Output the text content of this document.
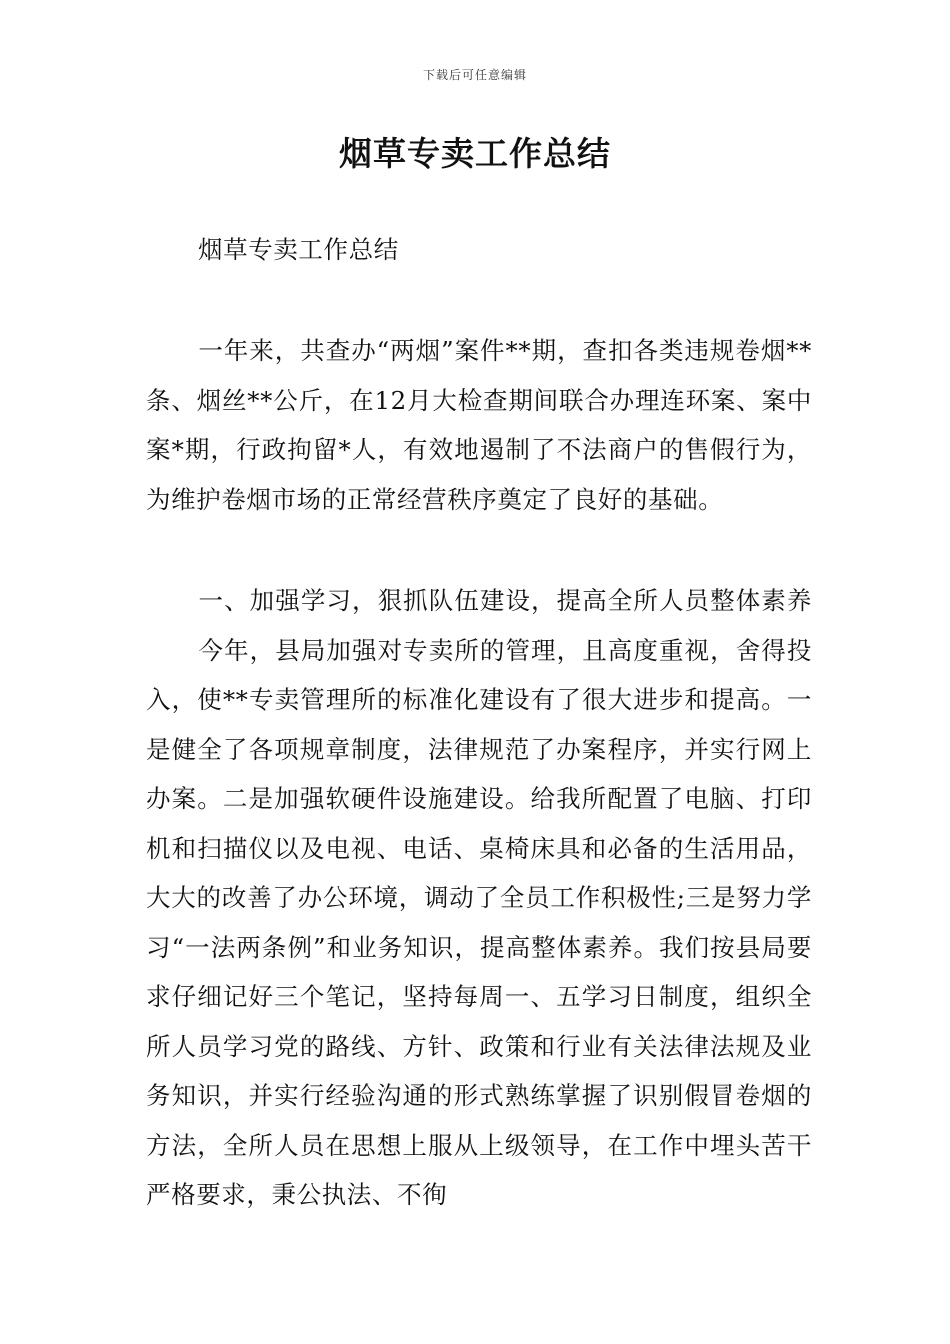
下载后可任意编辑
烟草专卖工作总结
烟草专卖工作总结
一年来，共查办“两烟”案件**期，查扣各类违规卷烟**条、烟丝**公斤，在12月大检查期间联合办理连环案、案中案*期，行政拘留*人，有效地遏制了不法商户的售假行为，为维护卷烟市场的正常经营秩序奠定了良好的基础。
一、加强学习，狠抓队伍建设，提高全所人员整体素养今年，县局加强对专卖所的管理，且高度重视，舍得投入，使**专卖管理所的标准化建设有了很大进步和提高。一是健全了各项规章制度，法律规范了办案程序，并实行网上办案。二是加强软硬件设施建设。给我所配置了电脑、打印机和扫描仪以及电视、电话、桌椅床具和必备的生活用品，大大的改善了办公环境，调动了全员工作积极性;三是努力学习“一法两条例”和业务知识，提高整体素养。我们按县局要求仔细记好三个笔记，坚持每周一、五学习日制度，组织全所人员学习党的路线、方针、政策和行业有关法律法规及业务知识，并实行经验沟通的形式熟练掌握了识别假冒卷烟的方法，全所人员在思想上服从上级领导，在工作中埋头苦干严格要求，秉公执法、不徇
